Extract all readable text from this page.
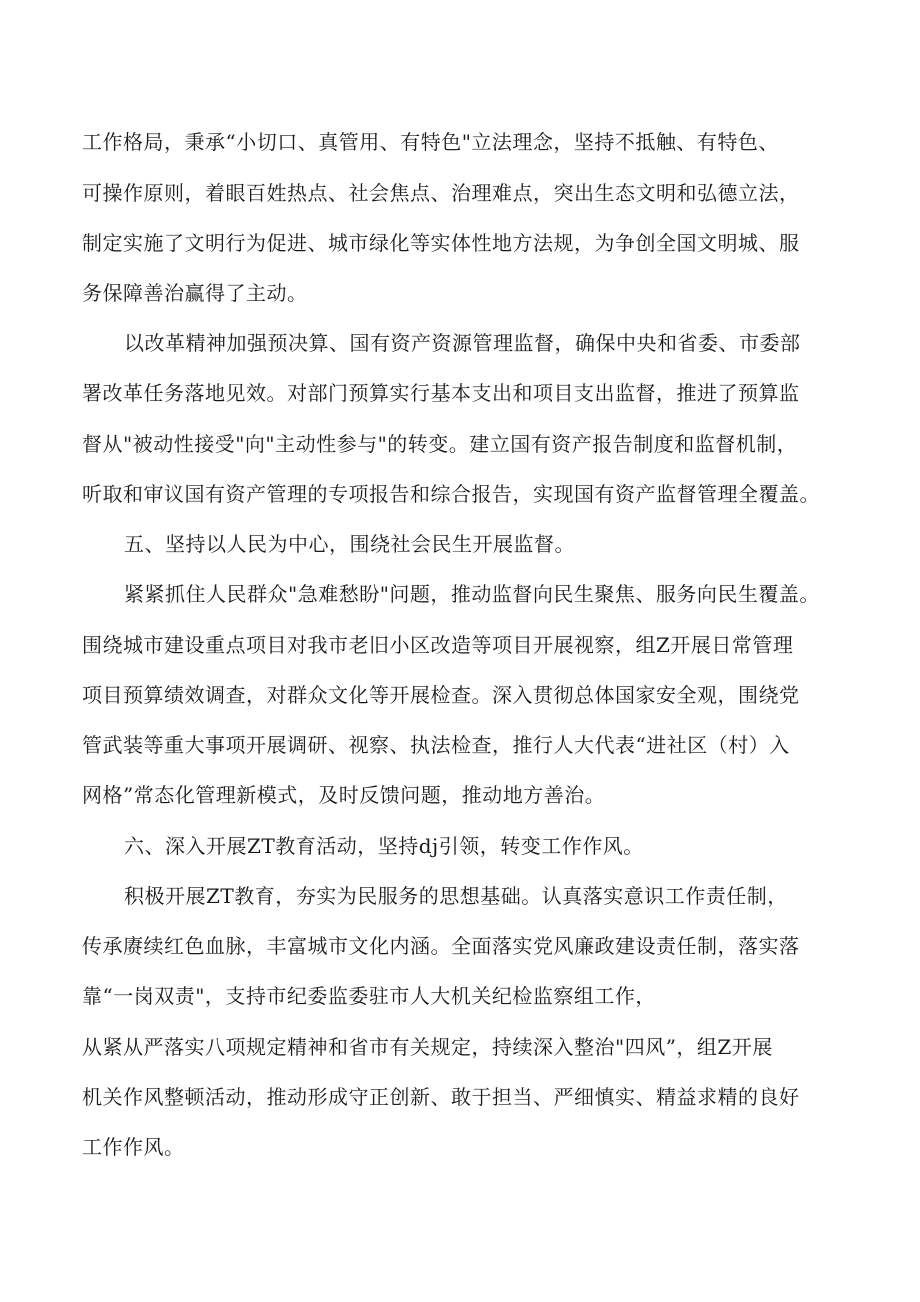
工作格局，秉承“小切口、真管用、有特色"立法理念，坚持不抵触、有特色、
可操作原则，着眼百姓热点、社会焦点、治理难点，突出生态文明和弘德立法，
制定实施了文明行为促进、城市绿化等实体性地方法规，为争创全国文明城、服
务保障善治赢得了主动。
以改革精神加强预决算、国有资产资源管理监督，确保中央和省委、市委部
署改革任务落地见效。对部门预算实行基本支出和项目支出监督，推进了预算监
督从"被动性接受"向"主动性参与"的转变。建立国有资产报告制度和监督机制，
听取和审议国有资产管理的专项报告和综合报告，实现国有资产监督管理全覆盖。
五、坚持以人民为中心，围绕社会民生开展监督。
紧紧抓住人民群众"急难愁盼"问题，推动监督向民生聚焦、服务向民生覆盖。
围绕城市建设重点项目对我市老旧小区改造等项目开展视察，组Z开展日常管理
项目预算绩效调查，对群众文化等开展检查。深入贯彻总体国家安全观，围绕党
管武装等重大事项开展调研、视察、执法检查，推行人大代表“进社区（村）入
网格”常态化管理新模式，及时反馈问题，推动地方善治。
六、深入开展ZT教育活动，坚持dj引领，转变工作作风。
积极开展ZT教育，夯实为民服务的思想基础。认真落实意识工作责任制，
传承赓续红色血脉，丰富城市文化内涵。全面落实党风廉政建设责任制，落实落
靠“一岗双责"，支持市纪委监委驻市人大机关纪检监察组工作，
从紧从严落实八项规定精神和省市有关规定，持续深入整治"四风”，组Z开展
机关作风整顿活动，推动形成守正创新、敢于担当、严细慎实、精益求精的良好
工作作风。
